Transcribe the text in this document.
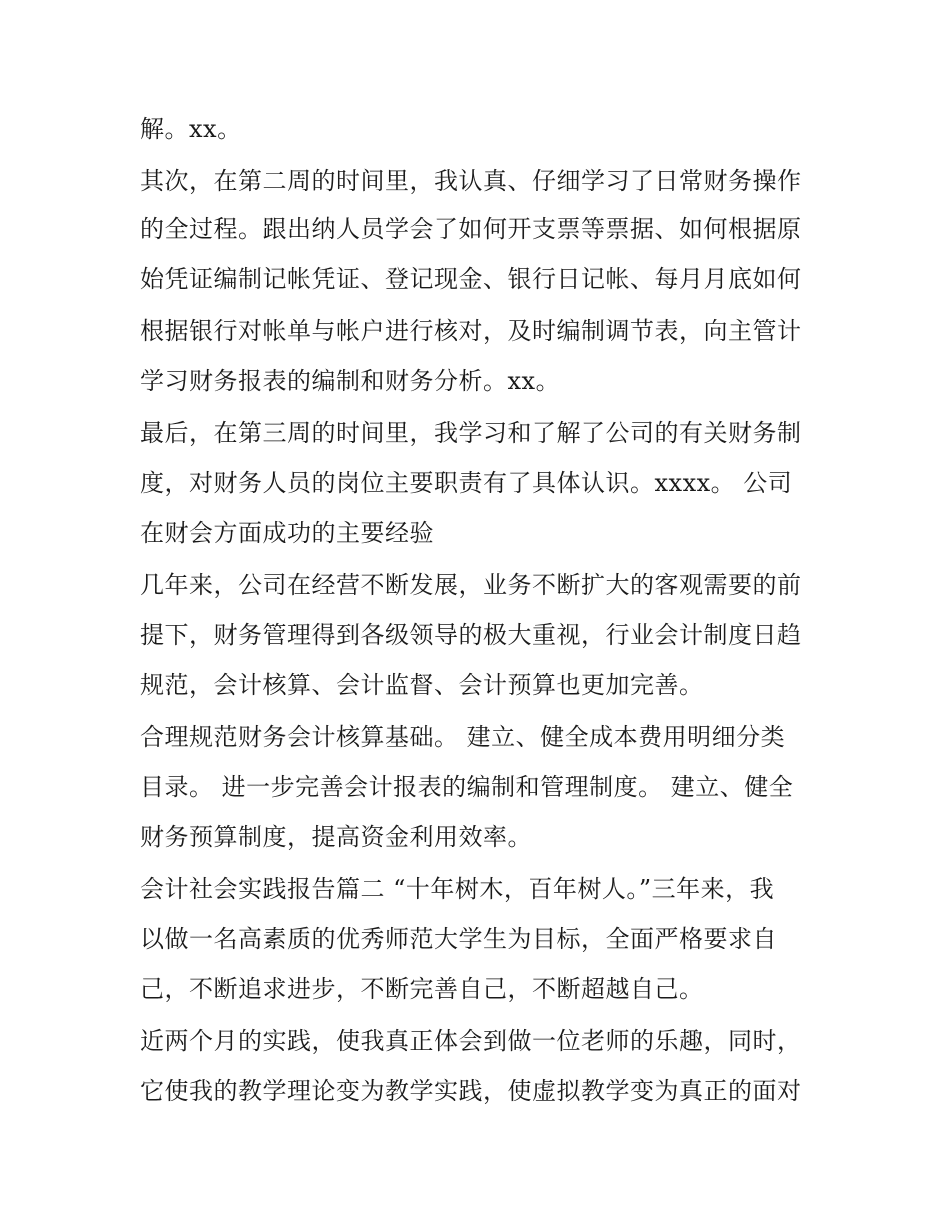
解。xx。
其次，在第二周的时间里，我认真、仔细学习了日常财务操作
的全过程。跟出纳人员学会了如何开支票等票据、如何根据原
始凭证编制记帐凭证、登记现金、银行日记帐、每月月底如何
根据银行对帐单与帐户进行核对，及时编制调节表，向主管计
学习财务报表的编制和财务分析。xx。
最后，在第三周的时间里，我学习和了解了公司的有关财务制
度，对财务人员的岗位主要职责有了具体认识。xxxx。 公司
在财会方面成功的主要经验
几年来，公司在经营不断发展，业务不断扩大的客观需要的前
提下，财务管理得到各级领导的极大重视，行业会计制度日趋
规范，会计核算、会计监督、会计预算也更加完善。
合理规范财务会计核算基础。 建立、健全成本费用明细分类
目录。 进一步完善会计报表的编制和管理制度。 建立、健全
财务预算制度，提高资金利用效率。
会计社会实践报告篇二 “十年树木，百年树人。”三年来，我
以做一名高素质的优秀师范大学生为目标，全面严格要求自
己，不断追求进步，不断完善自己，不断超越自己。
近两个月的实践，使我真正体会到做一位老师的乐趣，同时，
它使我的教学理论变为教学实践，使虚拟教学变为真正的面对
